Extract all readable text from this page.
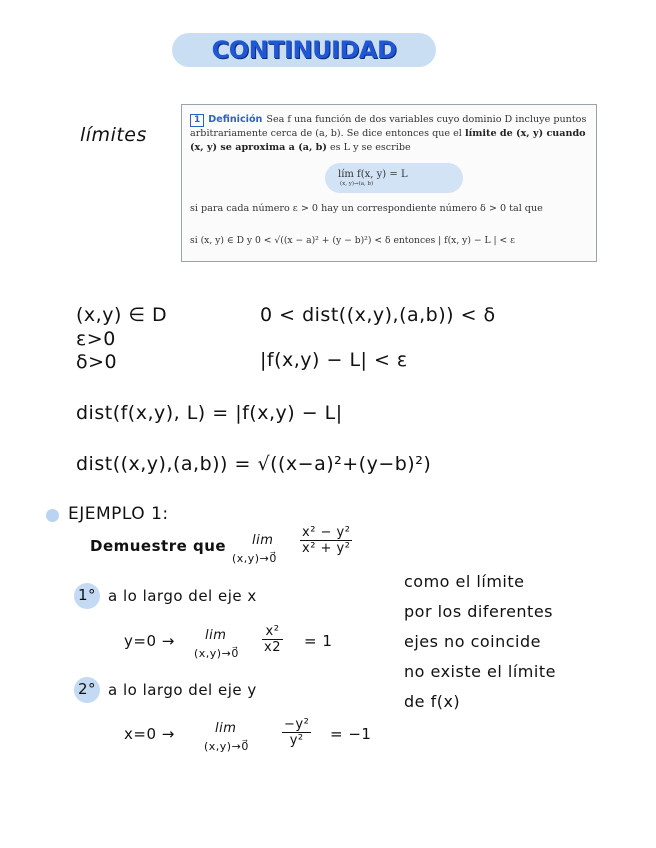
CONTINUIDAD
límites
1 Definición Sea f una función de dos variables cuyo dominio D incluye puntos arbitrariamente cerca de (a, b). Se dice entonces que el límite de (x, y) cuando (x, y) se aproxima a (a, b) es L y se escribe
lím f(x, y) = L
(x, y)→(a, b)
si para cada número ε > 0 hay un correspondiente número δ > 0 tal que
si (x, y) ∈ D y 0 < √((x − a)² + (y − b)²) < δ entonces | f(x, y) − L | < ε
(x,y) ∈ D
ε>0
δ>0
0 < dist((x,y),(a,b)) < δ
|f(x,y) − L| < ε
dist(f(x,y), L) = |f(x,y) − L|
dist((x,y),(a,b)) = √((x−a)²+(y−b)²)
EJEMPLO 1:
Demuestre que lim
(x,y)→0⃗
$\frac{\text{x² − y²}}{\text{x² + y²}}$
1° a lo largo del eje x
y=0 → lim
(x,y)→0⃗ $\frac{\text{x²}}{x2} = 1$
2° a lo largo del eje y
x=0 →	lim
(x,y)→0⃗	$\frac{\text{−y²}}{\text{y²}} = -1$
como el límite
por los diferentes
ejes no coincide
no existe el límite
de f(x)
